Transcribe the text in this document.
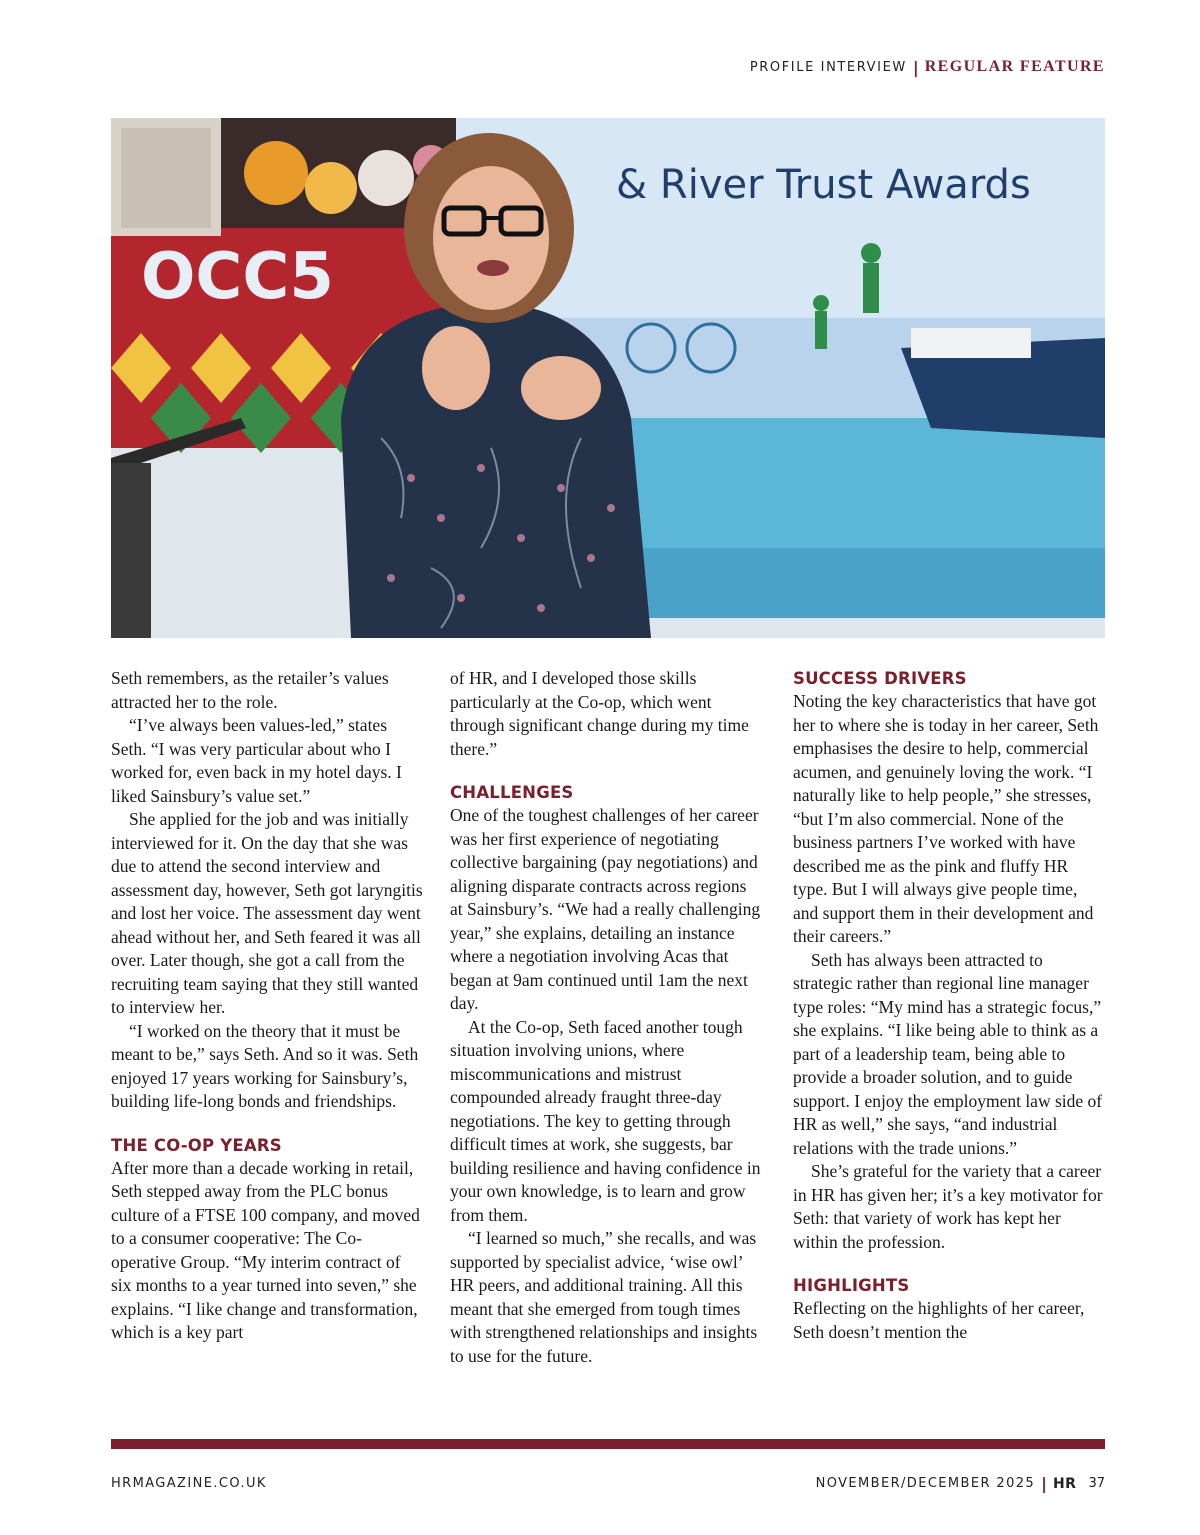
PROFILE INTERVIEW | REGULAR FEATURE
OCC5
& River Trust Awards

Seth remembers, as the retailer’s values attracted her to the role.

“I’ve always been values-led,” states Seth. “I was very particular about who I worked for, even back in my hotel days. I liked Sainsbury’s value set.”

She applied for the job and was initially interviewed for it. On the day that she was due to attend the second interview and assessment day, however, Seth got laryngitis and lost her voice. The assessment day went ahead without her, and Seth feared it was all over. Later though, she got a call from the recruiting team saying that they still wanted to interview her.

“I worked on the theory that it must be meant to be,” says Seth. And so it was. Seth enjoyed 17 years working for Sainsbury’s, building life-long bonds and friendships.

THE CO-OP YEARS

After more than a decade working in retail, Seth stepped away from the PLC bonus culture of a FTSE 100 company, and moved to a consumer cooperative: The Co-operative Group. “My interim contract of six months to a year turned into seven,” she explains. “I like change and transformation, which is a key part

of HR, and I developed those skills particularly at the Co-op, which went through significant change during my time there.”

CHALLENGES

One of the toughest challenges of her career was her first experience of negotiating collective bargaining (pay negotiations) and aligning disparate contracts across regions at Sainsbury’s. “We had a really challenging year,” she explains, detailing an instance where a negotiation involving Acas that began at 9am continued until 1am the next day.

At the Co-op, Seth faced another tough situation involving unions, where miscommunications and mistrust compounded already fraught three-day negotiations. The key to getting through difficult times at work, she suggests, bar building resilience and having confidence in your own knowledge, is to learn and grow from them.

“I learned so much,” she recalls, and was supported by specialist advice, ‘wise owl’ HR peers, and additional training. All this meant that she emerged from tough times with strengthened relationships and insights to use for the future.

SUCCESS DRIVERS

Noting the key characteristics that have got her to where she is today in her career, Seth emphasises the desire to help, commercial acumen, and genuinely loving the work. “I naturally like to help people,” she stresses, “but I’m also commercial. None of the business partners I’ve worked with have described me as the pink and fluffy HR type. But I will always give people time, and support them in their development and their careers.”

Seth has always been attracted to strategic rather than regional line manager type roles: “My mind has a strategic focus,” she explains. “I like being able to think as a part of a leadership team, being able to provide a broader solution, and to guide support. I enjoy the employment law side of HR as well,” she says, “and industrial relations with the trade unions.”

She’s grateful for the variety that a career in HR has given her; it’s a key motivator for Seth: that variety of work has kept her within the profession.

HIGHLIGHTS

Reflecting on the highlights of her career, Seth doesn’t mention the

HRMAGAZINE.CO.UK	NOVEMBER/DECEMBER 2025 | HR 37
